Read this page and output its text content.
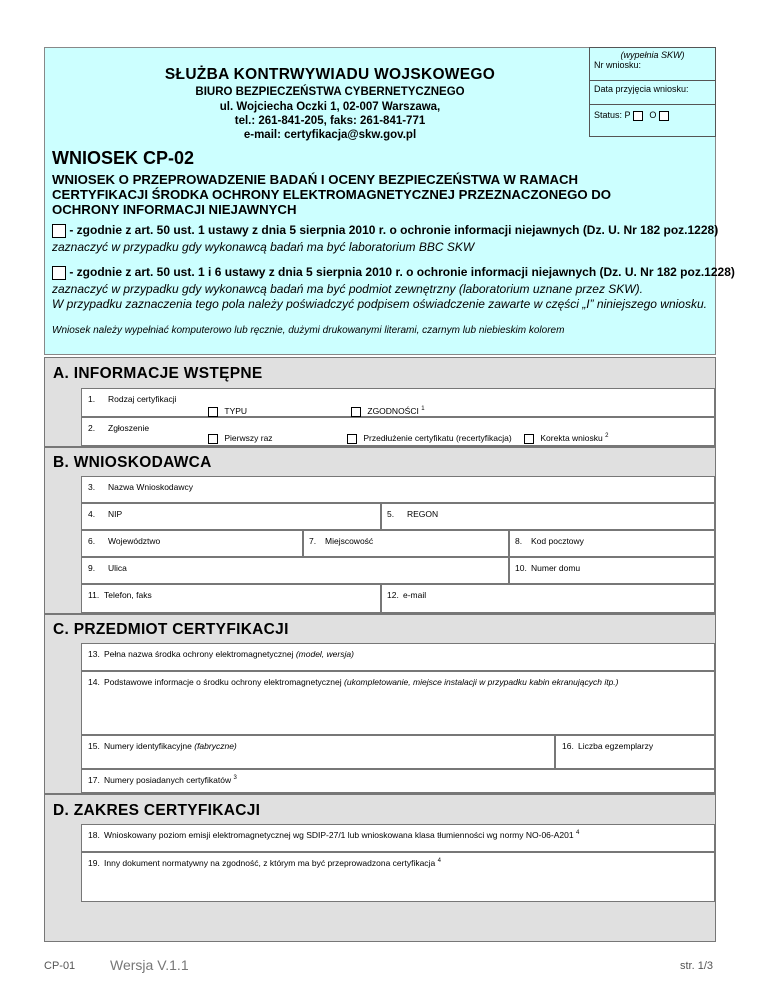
(wypełnia SKW)
Nr wniosku:
Data przyjęcia wniosku:
Status: P O
SŁUŻBA KONTRWYWIADU WOJSKOWEGO
BIURO BEZPIECZEŃSTWA CYBERNETYCZNEGO
ul. Wojciecha Oczki 1, 02-007 Warszawa,
tel.: 261-841-205, faks: 261-841-771
e-mail: certyfikacja@skw.gov.pl
WNIOSEK CP-02
WNIOSEK O PRZEPROWADZENIE BADAŃ I OCENY BEZPIECZEŃSTWA W RAMACH
CERTYFIKACJI ŚRODKA OCHRONY ELEKTROMAGNETYCZNEJ PRZEZNACZONEGO DO
OCHRONY INFORMACJI NIEJAWNYCH
- zgodnie z art. 50 ust. 1 ustawy z dnia 5 sierpnia 2010 r. o ochronie informacji niejawnych (Dz. U. Nr 182 poz.1228)
zaznaczyć w przypadku gdy wykonawcą badań ma być laboratorium BBC SKW
- zgodnie z art. 50 ust. 1 i 6 ustawy z dnia 5 sierpnia 2010 r. o ochronie informacji niejawnych (Dz. U. Nr 182 poz.1228)
zaznaczyć w przypadku gdy wykonawcą badań ma być podmiot zewnętrzny (laboratorium uznane przez SKW).
W przypadku zaznaczenia tego pola należy poświadczyć podpisem oświadczenie zawarte w części „I” niniejszego wniosku.
Wniosek należy wypełniać komputerowo lub ręcznie, dużymi drukowanymi literami, czarnym lub niebieskim kolorem
A. INFORMACJE WSTĘPNE
1. Rodzaj certyfikacji
TYPU	ZGODNOŚCI $^1$
2. Zgłoszenie
Pierwszy raz	Przedłużenie certyfikatu (recertyfikacja)	Korekta wniosku $^2$
B. WNIOSKODAWCA
3. Nazwa Wnioskodawcy
4. NIP	5. REGON
6. Województwo	7. Miejscowość	8. Kod pocztowy
9. Ulica	10. Numer domu
11. Telefon, faks	12. e-mail
C. PRZEDMIOT CERTYFIKACJI
13. Pełna nazwa środka ochrony elektromagnetycznej (model, wersja)
14. Podstawowe informacje o środku ochrony elektromagnetycznej (ukompletowanie, miejsce instalacji w przypadku kabin ekranujących itp.)
15. Numery identyfikacyjne (fabryczne)	16. Liczba egzemplarzy
17. Numery posiadanych certyfikatów $^3$
D. ZAKRES CERTYFIKACJI
18. Wnioskowany poziom emisji elektromagnetycznej wg SDIP-27/1 lub wnioskowana klasa tłumienności wg normy NO-06-A201 $^4$
19. Inny dokument normatywny na zgodność, z którym ma być przeprowadzona certyfikacja $^4$
CP-01 Wersja V.1.1	str. 1/3
